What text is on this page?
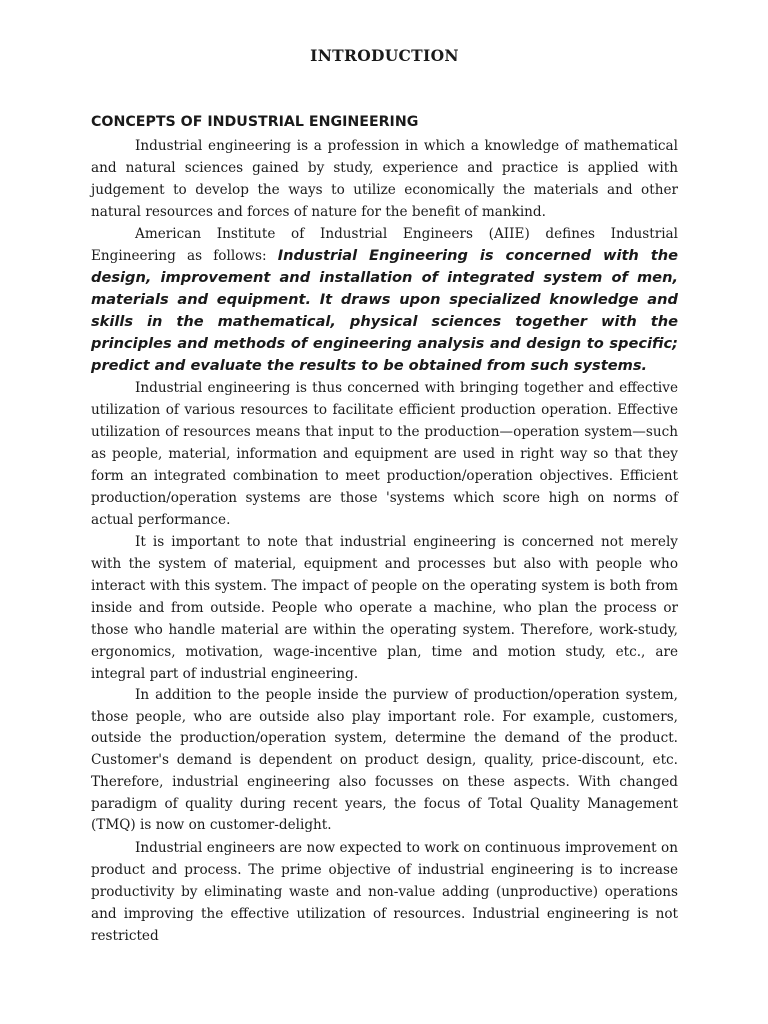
INTRODUCTION
CONCEPTS OF INDUSTRIAL ENGINEERING

Industrial engineering is a profession in which a knowledge of mathematical and natural sciences gained by study, experience and practice is applied with judgement to develop the ways to utilize economically the materials and other natural resources and forces of nature for the benefit of mankind.

American Institute of Industrial Engineers (AIIE) defines Industrial Engineering as follows: Industrial Engineering is concerned with the design, improvement and installation of integrated system of men, materials and equipment. It draws upon specialized knowledge and skills in the mathematical, physical sciences together with the principles and methods of engineering analysis and design to specific; predict and evaluate the results to be obtained from such systems.

Industrial engineering is thus concerned with bringing together and effective utilization of various resources to facilitate efficient production operation. Effective utilization of resources means that input to the production—operation system—such as people, material, information and equipment are used in right way so that they form an integrated combination to meet production/operation objectives. Efficient production/operation systems are those 'systems which score high on norms of actual performance.

It is important to note that industrial engineering is concerned not merely with the system of material, equipment and processes but also with people who interact with this system. The impact of people on the operating system is both from inside and from outside. People who operate a machine, who plan the process or those who handle material are within the operating system. Therefore, work-study, ergonomics, motivation, wage-incentive plan, time and motion study, etc., are integral part of industrial engineering.

In addition to the people inside the purview of production/operation system, those people, who are outside also play important role. For example, customers, outside the production/operation system, determine the demand of the product. Customer's demand is dependent on product design, quality, price-discount, etc. Therefore, industrial engineering also focusses on these aspects. With changed paradigm of quality during recent years, the focus of Total Quality Management (TMQ) is now on customer-delight.

Industrial engineers are now expected to work on continuous improvement on product and process. The prime objective of industrial engineering is to increase productivity by eliminating waste and non-value adding (unproductive) operations and improving the effective utilization of resources. Industrial engineering is not restricted
